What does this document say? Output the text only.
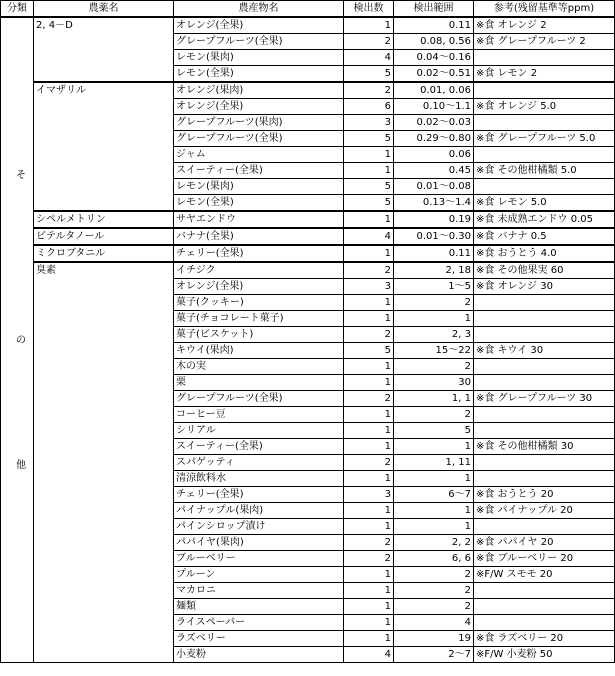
分類	農薬名	農産物名	検出数	検出範囲	参考(残留基準等ppm)

そ
の
他	2, 4－D	オレンジ(全果)	1	0.11	※食 オレンジ 2
		グレープフルーツ(全果)	2	0.08, 0.56	※食 グレープフルーツ 2
		レモン(果肉)	4	0.04～0.16	
		レモン(全果)	5	0.02～0.51	※食 レモン 2
	イマザリル	オレンジ(果肉)	2	0.01, 0.06	
		オレンジ(全果)	6	0.10～1.1	※食 オレンジ 5.0
		グレープフルーツ(果肉)	3	0.02～0.03	
		グレープフルーツ(全果)	5	0.29～0.80	※食 グレープフルーツ 5.0
		ジャム	1	0.06	
		スイーティー(全果)	1	0.45	※食 その他柑橘類 5.0
		レモン(果肉)	5	0.01～0.08	
		レモン(全果)	5	0.13～1.4	※食 レモン 5.0
	シペルメトリン	サヤエンドウ	1	0.19	※食 未成熟エンドウ 0.05
	ビテルタノール	バナナ(全果)	4	0.01～0.30	※食 バナナ 0.5
	ミクロブタニル	チェリー(全果)	1	0.11	※食 おうとう 4.0
	臭素	イチジク	2	2, 18	※食 その他果実 60
		オレンジ(全果)	3	1～5	※食 オレンジ 30
		菓子(クッキー)	1	2	
		菓子(チョコレート菓子)	1	1	
		菓子(ビスケット)	2	2, 3	
		キウイ(果肉)	5	15～22	※食 キウイ 30
		木の実	1	2	
		栗	1	30	
		グレープフルーツ(全果)	2	1, 1	※食 グレープフルーツ 30
		コーヒー豆	1	2	
		シリアル	1	5	
		スイーティー(全果)	1	1	※食 その他柑橘類 30
		スパゲッティ	2	1, 11	
		清涼飲料水	1	1	
		チェリー(全果)	3	6～7	※食 おうとう 20
		パイナップル(果肉)	1	1	※食 パイナップル 20
		パインシロップ漬け	1	1	
		パパイヤ(果肉)	2	2, 2	※食 パパイヤ 20
		ブルーベリー	2	6, 6	※食 ブルーベリー 20
		プルーン	1	2	※F/W スモモ 20
		マカロニ	1	2	
		麺類	1	2	
		ライスペーパー	1	4	
		ラズベリー	1	19	※食 ラズベリー 20
		小麦粉	4	2～7	※F/W 小麦粉 50
